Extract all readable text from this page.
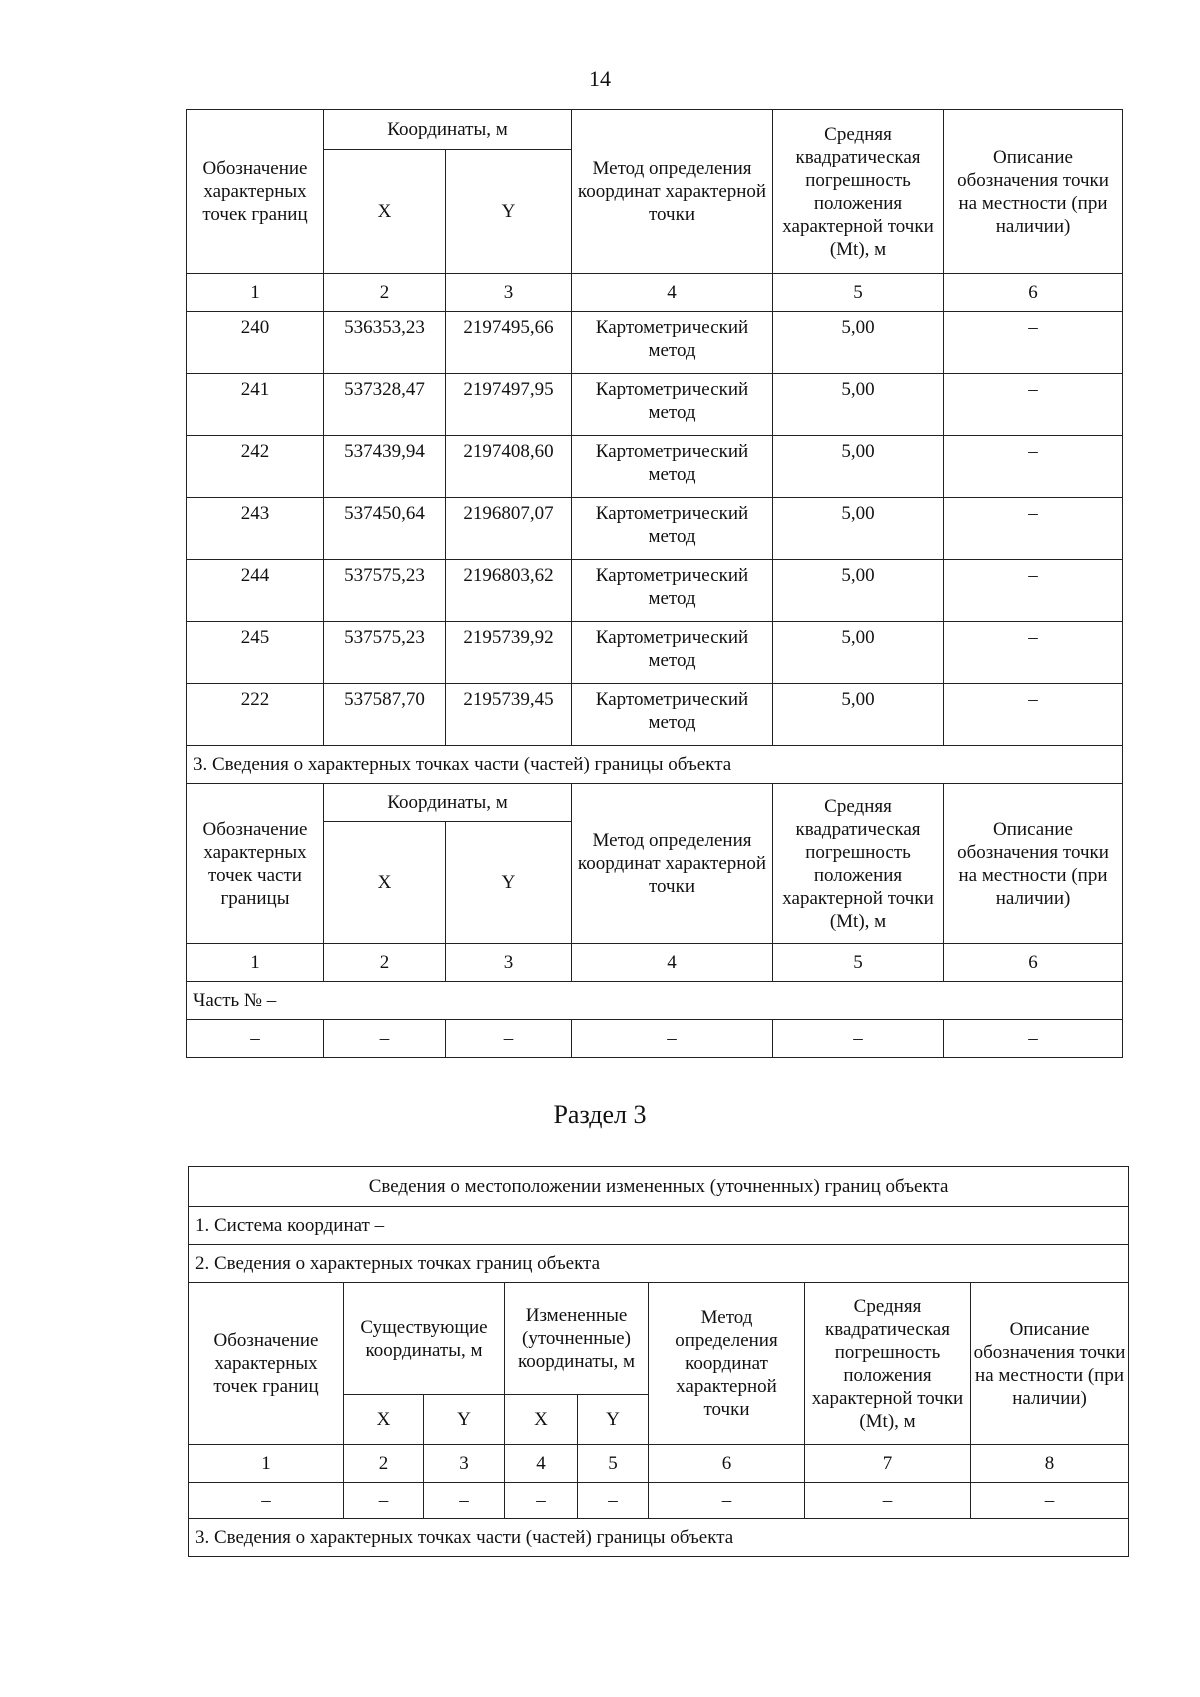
14
Обозначение характерных точек границ	Координаты, м		Метод определения координат характерной точки	Средняя квадратическая погрешность положения характерной точки (Mt), м	Описание обозначения точки на местности (при наличии)
	X	Y			
1	2	3	4	5	6
240	536353,23	2197495,66	Картометрический метод	5,00	–
241	537328,47	2197497,95	Картометрический метод	5,00	–
242	537439,94	2197408,60	Картометрический метод	5,00	–
243	537450,64	2196807,07	Картометрический метод	5,00	–
244	537575,23	2196803,62	Картометрический метод	5,00	–
245	537575,23	2195739,92	Картометрический метод	5,00	–
222	537587,70	2195739,45	Картометрический метод	5,00	–
3. Сведения о характерных точках части (частей) границы объекта					
Обозначение характерных точек части границы	Координаты, м		Метод определения координат характерной точки	Средняя квадратическая погрешность положения характерной точки (Mt), м	Описание обозначения точки на местности (при наличии)
	X	Y			
1	2	3	4	5	6
Часть № –					
–	–	–	–	–	–
Раздел 3
Сведения о местоположении измененных (уточненных) границ объекта							
1. Система координат –							
2. Сведения о характерных точках границ объекта							
Обозначение характерных точек границ	Существующие координаты, м		Измененные (уточненные) координаты, м		Метод определения координат характерной точки	Средняя квадратическая погрешность положения характерной точки (Mt), м	Описание обозначения точки на местности (при наличии)
	X	Y	X	Y			
1	2	3	4	5	6	7	8
–	–	–	–	–	–	–	–
3. Сведения о характерных точках части (частей) границы объекта							
